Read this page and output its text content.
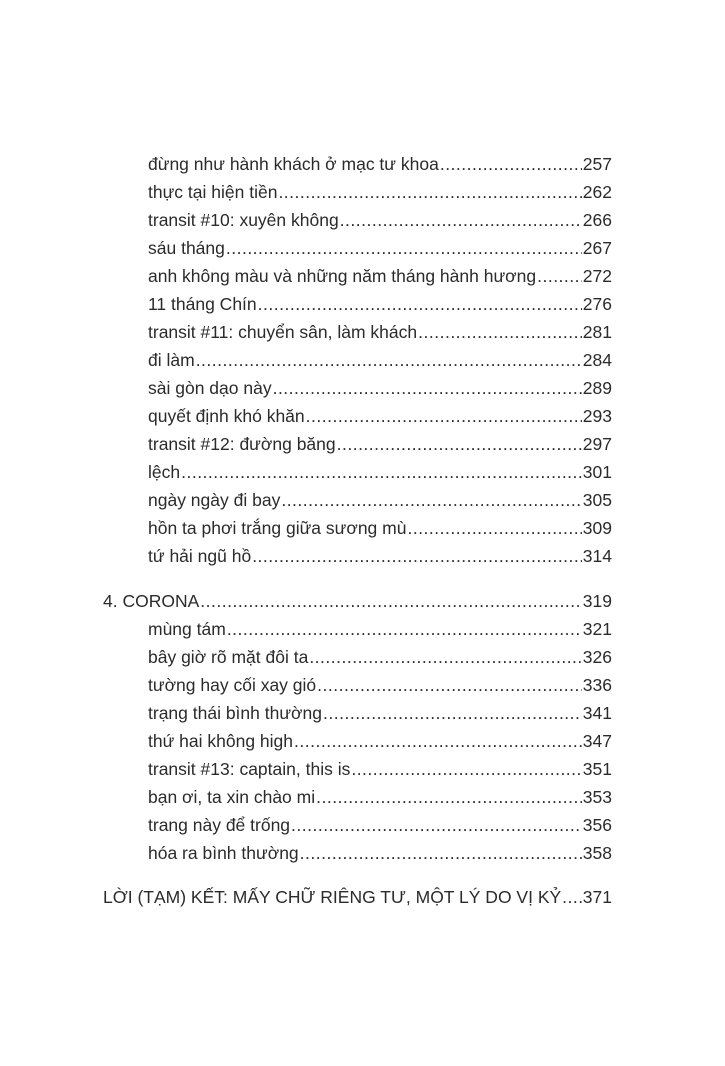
đừng như hành khách ở mạc tư khoa .....	257
thực tại hiện tiền .....	262
transit #10: xuyên không .....	266
sáu tháng .....	267
anh không màu và những năm tháng hành hương .....	272
11 tháng Chín .....	276
transit #11: chuyển sân, làm khách .....	281
đi làm .....	284
sài gòn dạo này .....	289
quyết định khó khăn .....	293
transit #12: đường băng .....	297
lệch .....	301
ngày ngày đi bay .....	305
hồn ta phơi trắng giữa sương mù .....	309
tứ hải ngũ hồ .....	314
4. CORONA .....	319
mùng tám .....	321
bây giờ rõ mặt đôi ta .....	326
tường hay cối xay gió .....	336
trạng thái bình thường .....	341
thứ hai không high .....	347
transit #13: captain, this is .....	351
bạn ơi, ta xin chào mi .....	353
trang này để trống .....	356
hóa ra bình thường .....	358
LỜI (TẠM) KẾT: MẤY CHỮ RIÊNG TƯ, MỘT LÝ DO VỊ KỶ ..... 371
